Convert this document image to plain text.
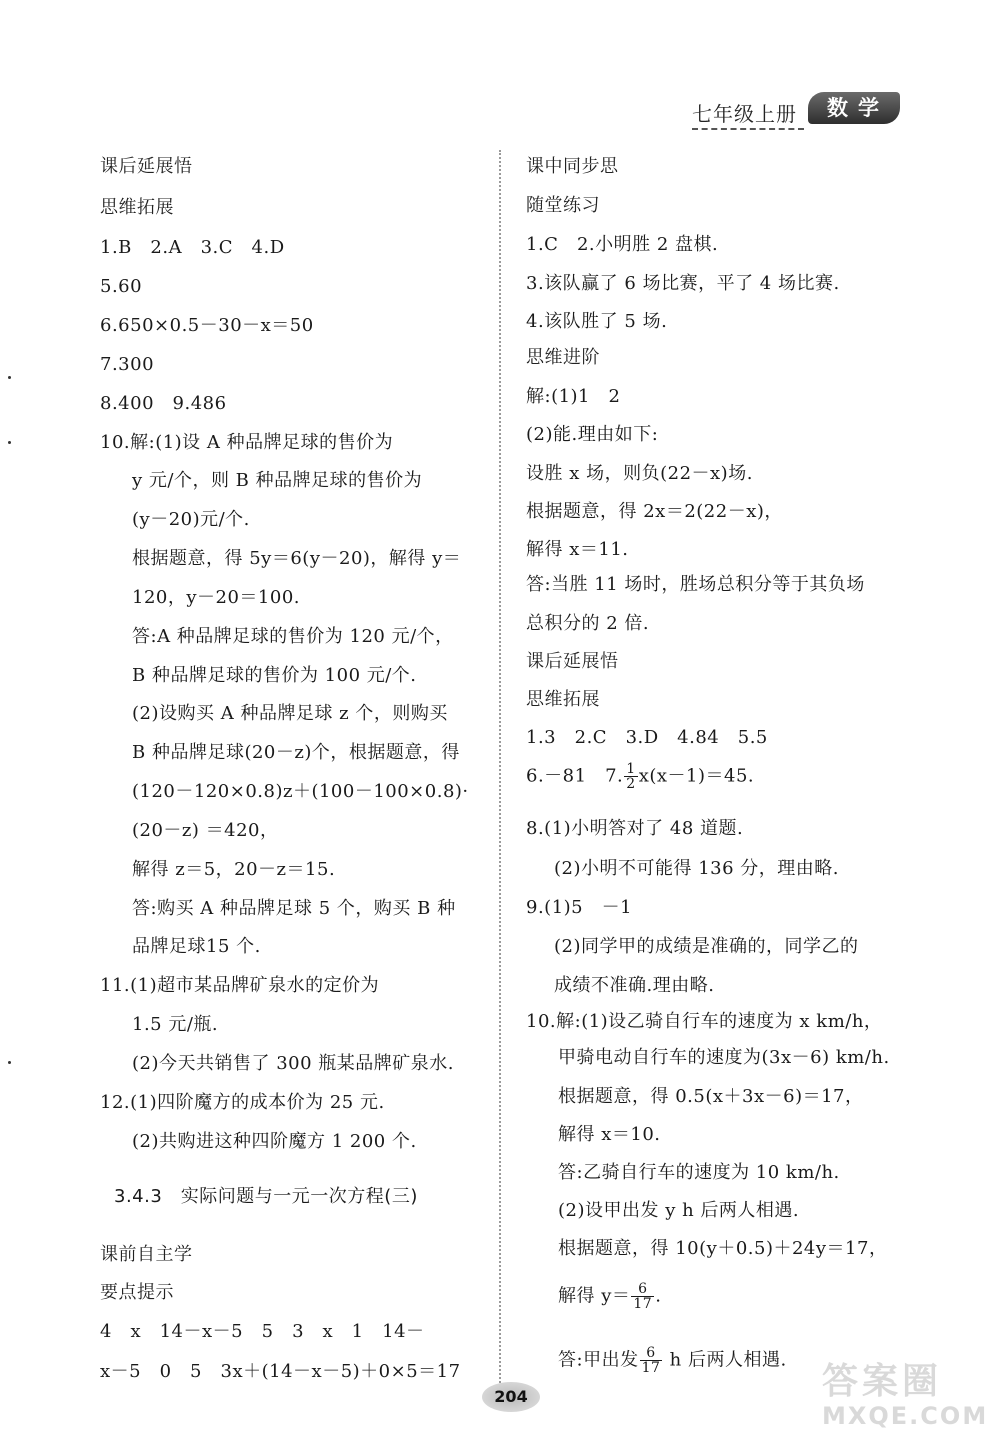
七年级上册	数学
课后延展悟
思维拓展
1.B　2.A　3.C　4.D
5.60
6.650×0.5－30－x＝50
7.300
8.400　9.486
10.解:(1)设 A 种品牌足球的售价为
y 元/个，则 B 种品牌足球的售价为
(y－20)元/个.
根据题意，得 5y＝6(y－20)，解得 y＝
120，y－20＝100.
答:A 种品牌足球的售价为 120 元/个，
B 种品牌足球的售价为 100 元/个.
(2)设购买 A 种品牌足球 z 个，则购买
B 种品牌足球(20－z)个，根据题意，得
(120－120×0.8)z＋(100－100×0.8)·
(20－z) ＝420，
解得 z＝5，20－z＝15.
答:购买 A 种品牌足球 5 个，购买 B 种
品牌足球15 个.
11.(1)超市某品牌矿泉水的定价为
1.5 元/瓶.
(2)今天共销售了 300 瓶某品牌矿泉水.
12.(1)四阶魔方的成本价为 25 元.
(2)共购进这种四阶魔方 1 200 个.
3.4.3　实际问题与一元一次方程(三)
课前自主学
要点提示
4　x　14－x－5　5　3　x　1　14－
x－5　0　5　3x＋(14－x－5)＋0×5＝17
课中同步思
随堂练习
1.C　2.小明胜 2 盘棋.
3.该队赢了 6 场比赛，平了 4 场比赛.
4.该队胜了 5 场.
思维进阶
解:(1)1　2
(2)能.理由如下:
设胜 x 场，则负(22－x)场.
根据题意，得 2x＝2(22－x)，
解得 x＝11.
答:当胜 11 场时，胜场总积分等于其负场
总积分的 2 倍.
课后延展悟
思维拓展
1.3　2.C　3.D　4.84　5.5
6.－81　7. $\frac{1}{2} x(x-1)=45$.
8.(1)小明答对了 48 道题.
(2)小明不可能得 136 分，理由略.
9.(1)5　－1
(2)同学甲的成绩是准确的，同学乙的
成绩不准确.理由略.
10.解:(1)设乙骑自行车的速度为 x km/h，
甲骑电动自行车的速度为(3x－6) km/h.
根据题意，得 0.5(x＋3x－6)＝17，
解得 x＝10.
答:乙骑自行车的速度为 10 km/h.
(2)设甲出发 y h 后两人相遇.
根据题意，得 10(y＋0.5)＋24y＝17，
解得 $y= \frac{6}{17}$ .
答:甲出发 $\frac{6}{17}$ h 后两人相遇.
204	答案圈
MXQE.COM
